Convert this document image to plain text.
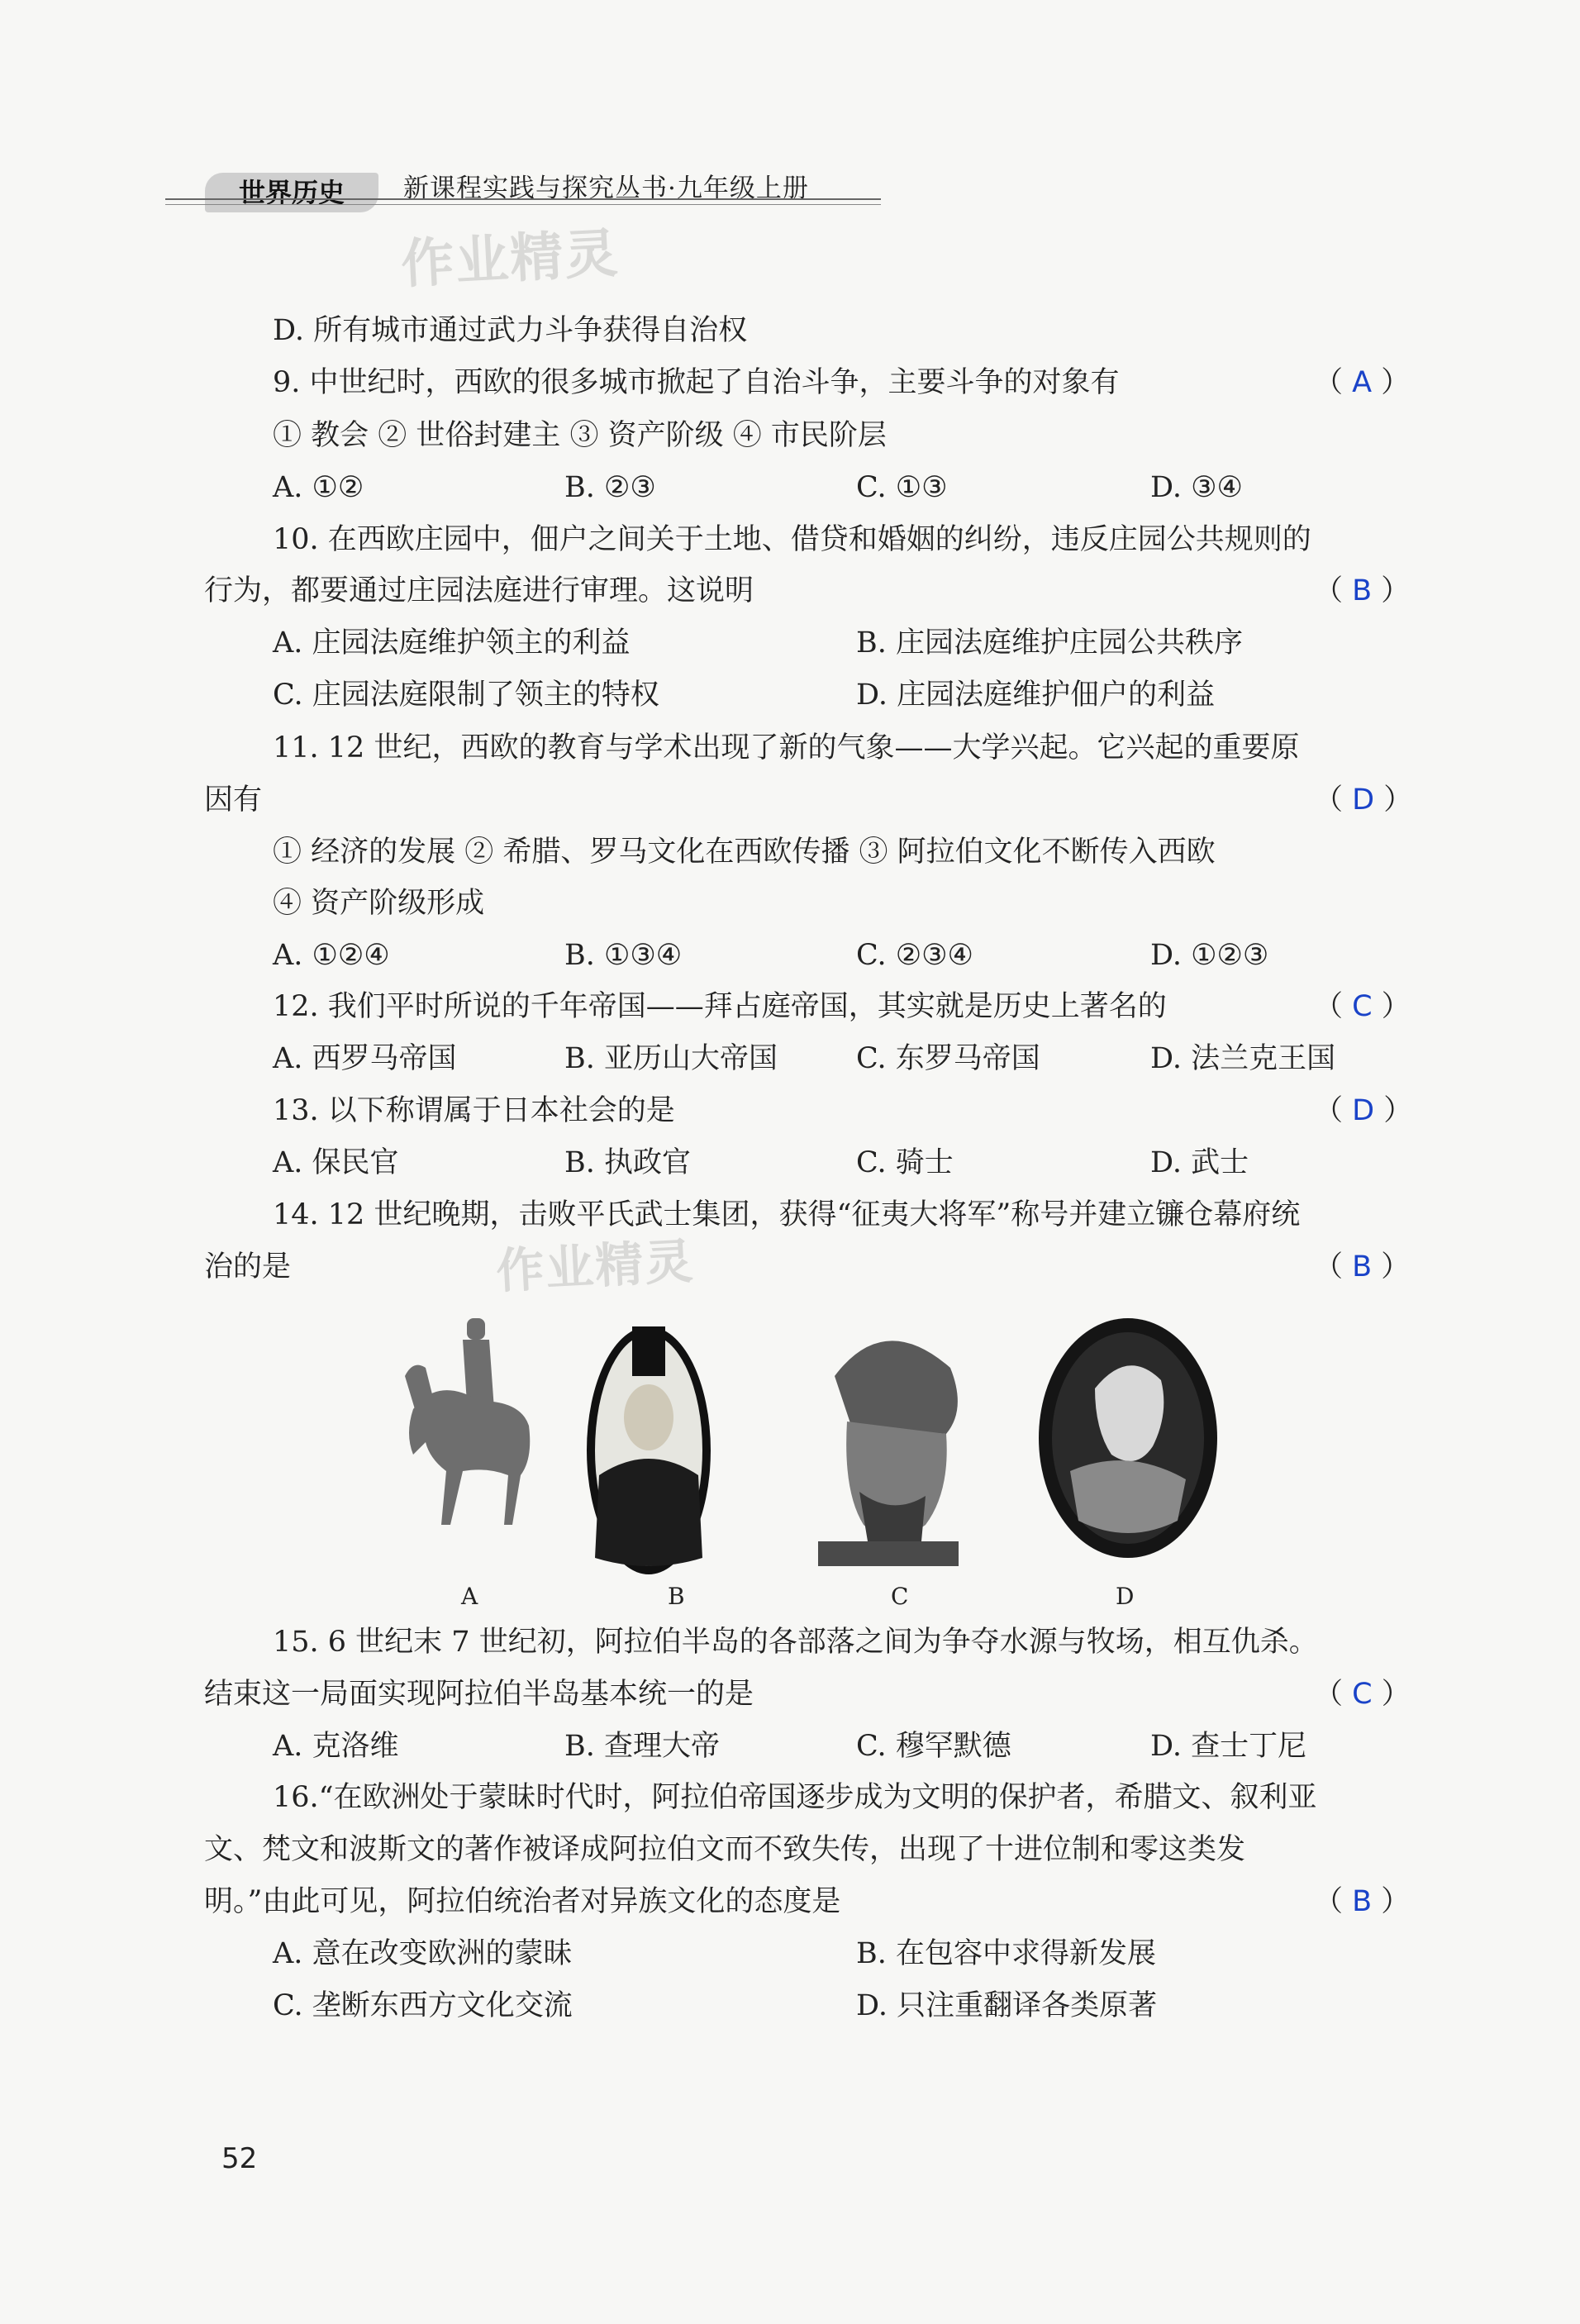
世界历史	新课程实践与探究丛书·九年级上册
作业精灵
作业精灵
D. 所有城市通过武力斗争获得自治权
9. 中世纪时，西欧的很多城市掀起了自治斗争，主要斗争的对象有	（ A ）
① 教会 ② 世俗封建主 ③ 资产阶级 ④ 市民阶层
A. ①②	B. ②③	C. ①③	D. ③④
10. 在西欧庄园中，佃户之间关于土地、借贷和婚姻的纠纷，违反庄园公共规则的
行为，都要通过庄园法庭进行审理。这说明	（ B ）
A. 庄园法庭维护领主的利益	B. 庄园法庭维护庄园公共秩序
C. 庄园法庭限制了领主的特权	D. 庄园法庭维护佃户的利益
11. 12 世纪，西欧的教育与学术出现了新的气象——大学兴起。它兴起的重要原
因有	（ D ）
① 经济的发展 ② 希腊、罗马文化在西欧传播 ③ 阿拉伯文化不断传入西欧
④ 资产阶级形成
A. ①②④	B. ①③④	C. ②③④	D. ①②③
12. 我们平时所说的千年帝国——拜占庭帝国，其实就是历史上著名的	（ C ）
A. 西罗马帝国	B. 亚历山大帝国	C. 东罗马帝国	D. 法兰克王国
13. 以下称谓属于日本社会的是	（ D ）
A. 保民官	B. 执政官	C. 骑士	D. 武士
14. 12 世纪晚期，击败平氏武士集团，获得“征夷大将军”称号并建立镰仓幕府统
治的是	（ B ）
A	B	C	D
15. 6 世纪末 7 世纪初，阿拉伯半岛的各部落之间为争夺水源与牧场，相互仇杀。
结束这一局面实现阿拉伯半岛基本统一的是	（ C ）
A. 克洛维	B. 查理大帝	C. 穆罕默德	D. 查士丁尼
16.“在欧洲处于蒙昧时代时，阿拉伯帝国逐步成为文明的保护者，希腊文、叙利亚
文、梵文和波斯文的著作被译成阿拉伯文而不致失传，出现了十进位制和零这类发
明。”由此可见，阿拉伯统治者对异族文化的态度是	（ B ）
A. 意在改变欧洲的蒙昧	B. 在包容中求得新发展
C. 垄断东西方文化交流	D. 只注重翻译各类原著
52
